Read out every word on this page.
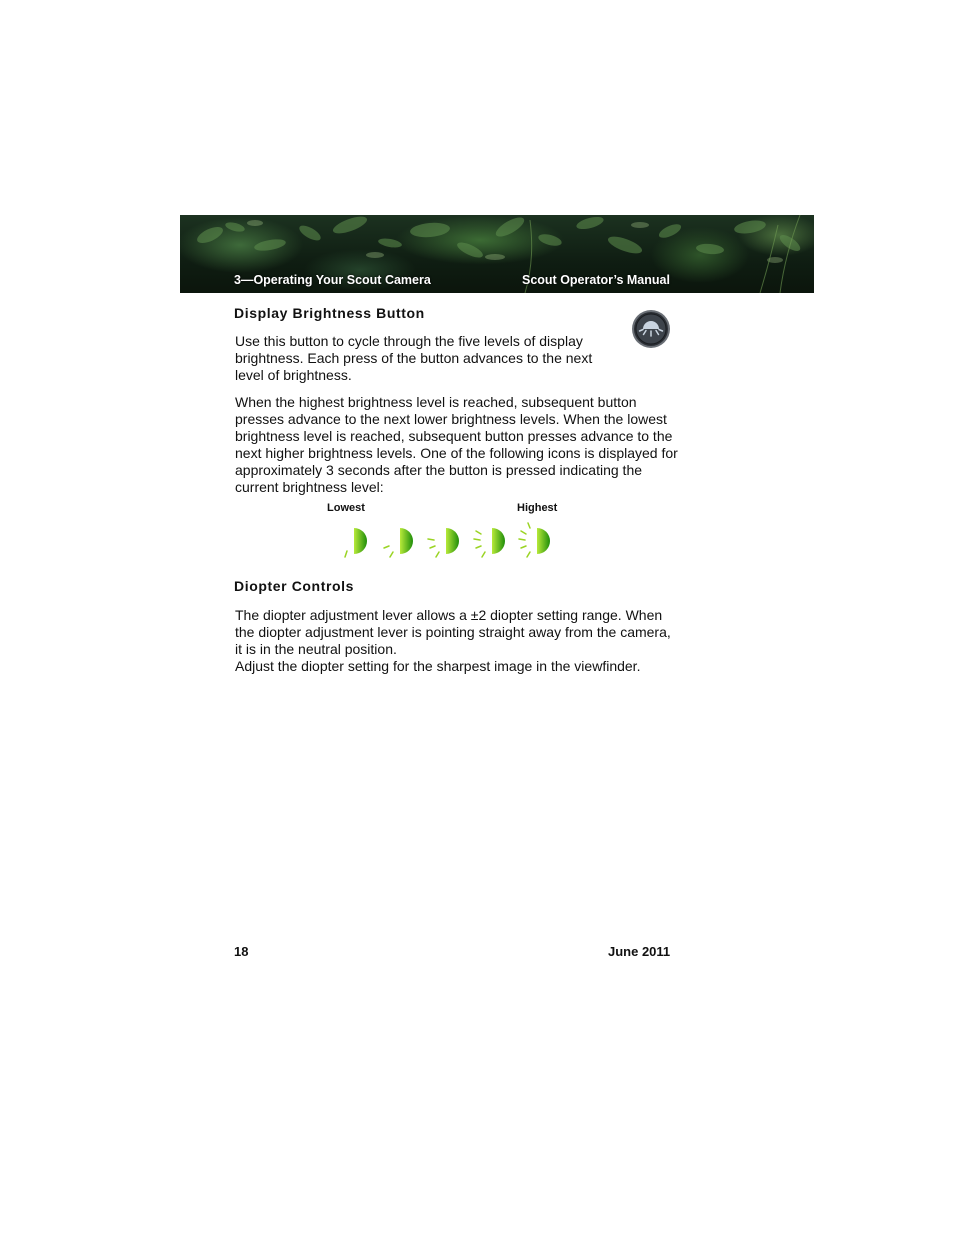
3—Operating Your Scout Camera	Scout Operator’s Manual
Display Brightness Button

Use this button to cycle through the five levels of display brightness. Each press of the button advances to the next level of brightness.

When the highest brightness level is reached, subsequent button presses advance to the next lower brightness levels. When the lowest brightness level is reached, subsequent button presses advance to the next higher brightness levels. One of the following icons is displayed for approximately 3 seconds after the button is pressed indicating the current brightness level:

Lowest	Highest
Diopter Controls

The diopter adjustment lever allows a ±2 diopter setting range. When the diopter adjustment lever is pointing straight away from the camera, it is in the neutral position.

Adjust the diopter setting for the sharpest image in the viewfinder.

18	June 2011
